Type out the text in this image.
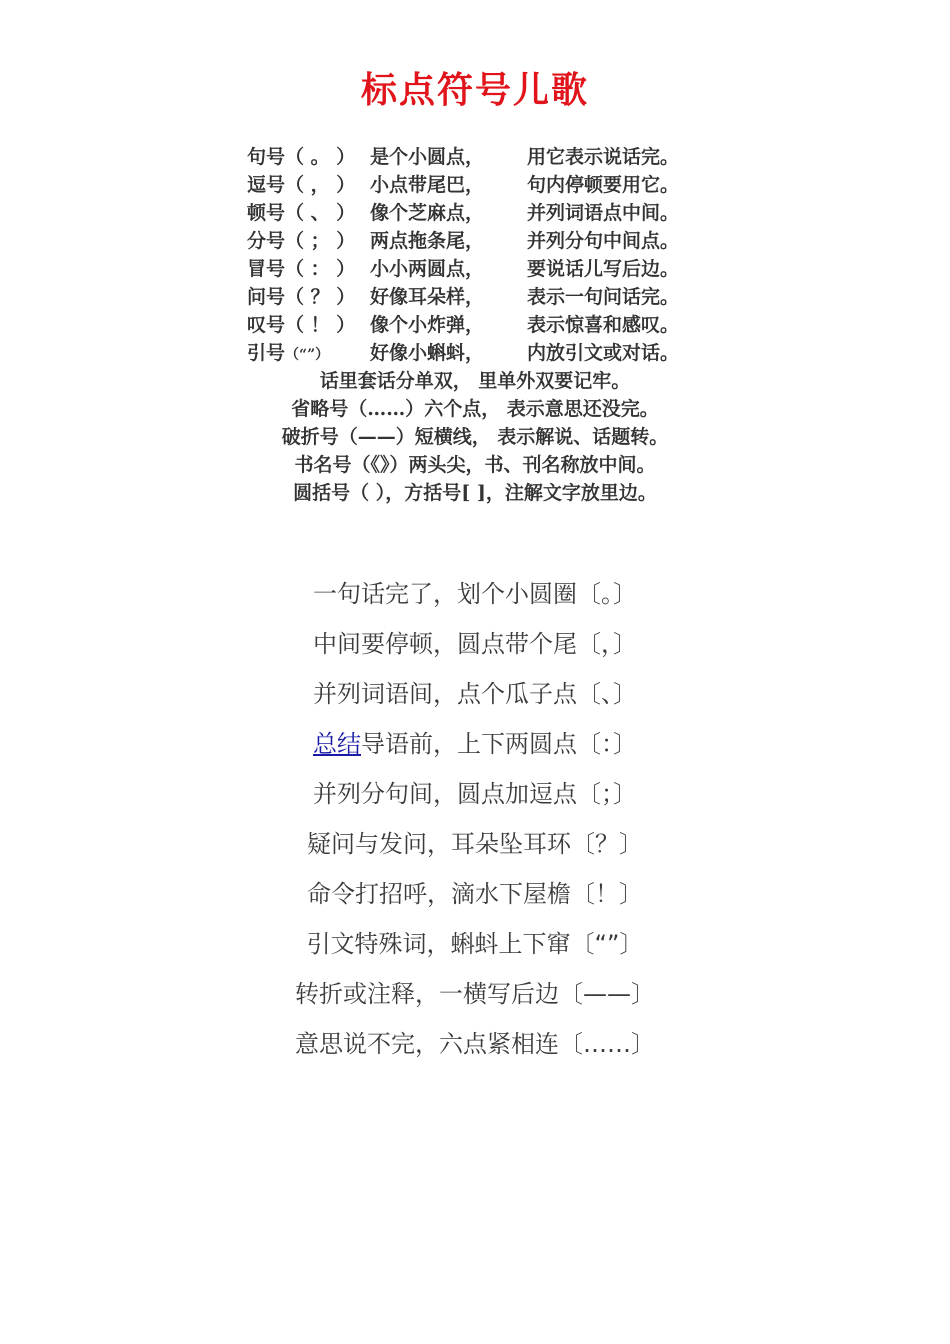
标点符号儿歌
句号（ 。 ） 是个小圆点， 用它表示说话完。
逗号（ ， ） 小点带尾巴， 句内停顿要用它。
顿号（ 、 ） 像个芝麻点， 并列词语点中间。
分号（ ； ） 两点拖条尾， 并列分句中间点。
冒号（ ： ） 小小两圆点， 要说话儿写后边。
问号（ ？ ） 好像耳朵样， 表示一句问话完。
叹号（ ！ ） 像个小炸弹， 表示惊喜和感叹。
引号（“”） 好像小蝌蚪， 内放引文或对话。
话里套话分单双， 里单外双要记牢。
省略号（……）六个点， 表示意思还没完。
破折号（——）短横线， 表示解说、话题转。
书名号（《》）两头尖，书、刊名称放中间。
圆括号（ ），方括号[ ]，注解文字放里边。
一句话完了，划个小圆圈〔。〕
中间要停顿，圆点带个尾〔，〕
并列词语间，点个瓜子点〔、〕
总结导语前，上下两圆点〔：〕
并列分句间，圆点加逗点〔；〕
疑问与发问，耳朵坠耳环〔？〕
命令打招呼，滴水下屋檐〔！〕
引文特殊词，蝌蚪上下窜〔“”〕
转折或注释，一横写后边〔——〕
意思说不完，六点紧相连〔……〕
